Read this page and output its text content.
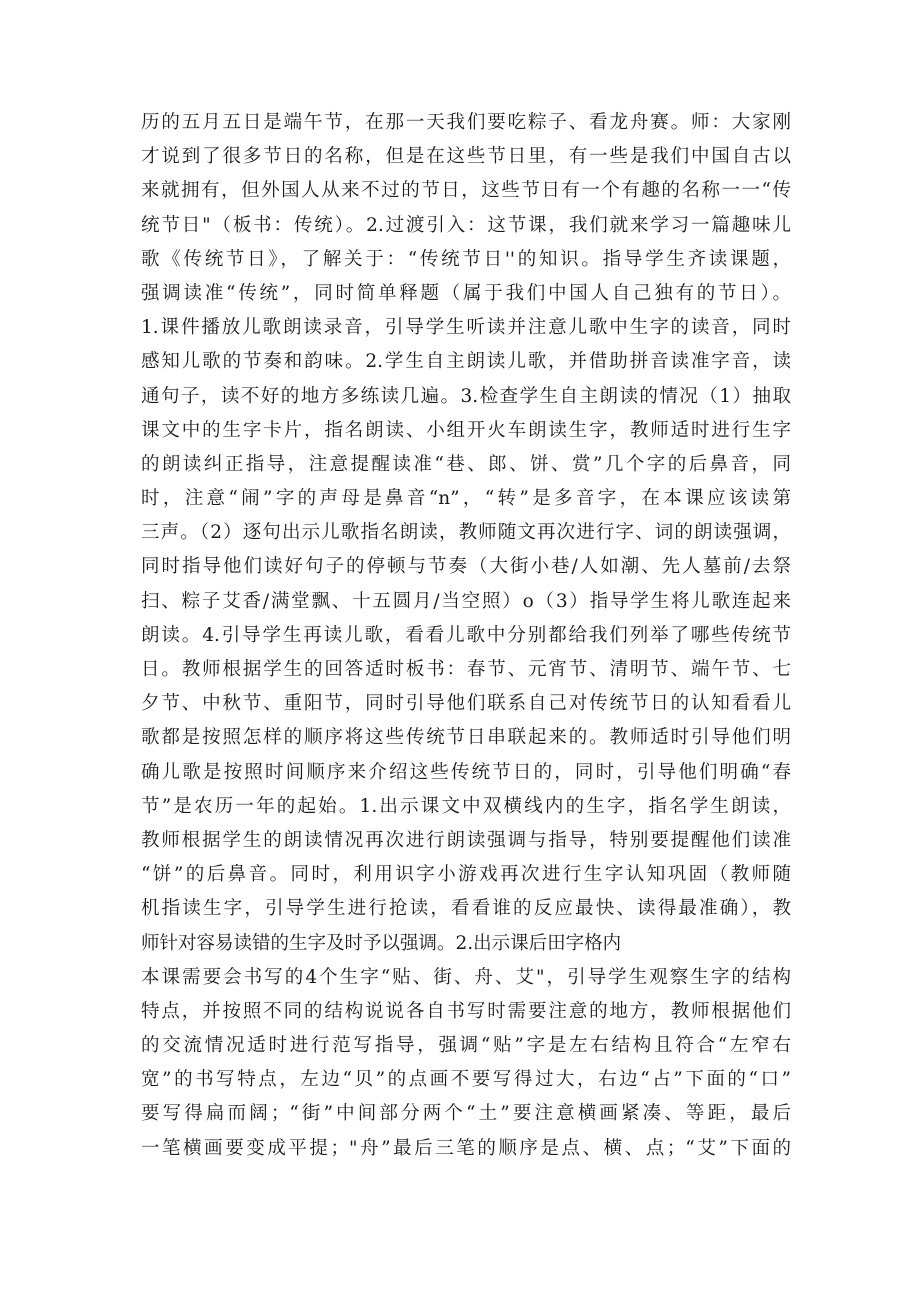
历的五月五日是端午节，在那一天我们要吃粽子、看龙舟赛。师：大家刚
才说到了很多节日的名称，但是在这些节日里，有一些是我们中国自古以
来就拥有，但外国人从来不过的节日，这些节日有一个有趣的名称一一“传
统节日"（板书：传统）。2.过渡引入：这节课，我们就来学习一篇趣味儿
歌《传统节日》，了解关于：“传统节日''的知识。指导学生齐读课题，
强调读准“传统”，同时简单释题（属于我们中国人自己独有的节日）。
1.课件播放儿歌朗读录音，引导学生听读并注意儿歌中生字的读音，同时
感知儿歌的节奏和韵味。2.学生自主朗读儿歌，并借助拼音读准字音，读
通句子，读不好的地方多练读几遍。3.检查学生自主朗读的情况（1）抽取
课文中的生字卡片，指名朗读、小组开火车朗读生字，教师适时进行生字
的朗读纠正指导，注意提醒读准“巷、郎、饼、赏”几个字的后鼻音，同
时，注意“闹”字的声母是鼻音“n”，“转”是多音字，在本课应该读第
三声。（2）逐句出示儿歌指名朗读，教师随文再次进行字、词的朗读强调，
同时指导他们读好句子的停顿与节奏（大街小巷/人如潮、先人墓前/去祭
扫、粽子艾香/满堂飘、十五圆月/当空照）o（3）指导学生将儿歌连起来
朗读。4.引导学生再读儿歌，看看儿歌中分别都给我们列举了哪些传统节
日。教师根据学生的回答适时板书：春节、元宵节、清明节、端午节、七
夕节、中秋节、重阳节，同时引导他们联系自己对传统节日的认知看看儿
歌都是按照怎样的顺序将这些传统节日串联起来的。教师适时引导他们明
确儿歌是按照时间顺序来介绍这些传统节日的，同时，引导他们明确“春
节”是农历一年的起始。1.出示课文中双横线内的生字，指名学生朗读，
教师根据学生的朗读情况再次进行朗读强调与指导，特别要提醒他们读准
“饼”的后鼻音。同时，利用识字小游戏再次进行生字认知巩固（教师随
机指读生字，引导学生进行抢读，看看谁的反应最快、读得最准确），教
师针对容易读错的生字及时予以强调。2.出示课后田字格内
本课需要会书写的4个生字“贴、街、舟、艾"，引导学生观察生字的结构
特点，并按照不同的结构说说各自书写时需要注意的地方，教师根据他们
的交流情况适时进行范写指导，强调“贴”字是左右结构且符合“左窄右
宽”的书写特点，左边“贝”的点画不要写得过大，右边“占”下面的“口”
要写得扁而阔；“街”中间部分两个“土”要注意横画紧凑、等距，最后
一笔横画要变成平提；"舟”最后三笔的顺序是点、横、点；“艾”下面的
